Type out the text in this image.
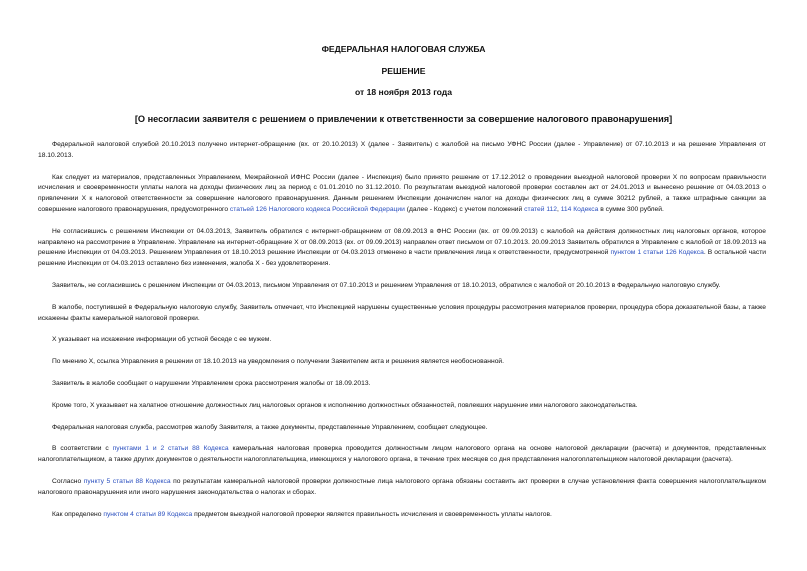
ФЕДЕРАЛЬНАЯ НАЛОГОВАЯ СЛУЖБА
РЕШЕНИЕ
от 18 ноября 2013 года
[О несогласии заявителя с решением о привлечении к ответственности за совершение налогового правонарушения]

Федеральной налоговой службой 20.10.2013 получено интернет-обращение (вх. от 20.10.2013) Х (далее - Заявитель) с жалобой на письмо УФНС России (далее - Управление) от 07.10.2013 и на решение Управления от 18.10.2013.

Как следует из материалов, представленных Управлением, Межрайонной ИФНС России (далее - Инспекция) было принято решение от 17.12.2012 о проведении выездной налоговой проверки Х по вопросам правильности исчисления и своевременности уплаты налога на доходы физических лиц за период с 01.01.2010 по 31.12.2010. По результатам выездной налоговой проверки составлен акт от 24.01.2013 и вынесено решение от 04.03.2013 о привлечении Х к налоговой ответственности за совершение налогового правонарушения. Данным решением Инспекции доначислен налог на доходы физических лиц в сумме 30212 рублей, а также штрафные санкции за совершение налогового правонарушения, предусмотренного статьей 126 Налогового кодекса Российской Федерации (далее - Кодекс) с учетом положений статей 112, 114 Кодекса в сумме 300 рублей.

Не согласившись с решением Инспекции от 04.03.2013, Заявитель обратился с интернет-обращением от 08.09.2013 в ФНС России (вх. от 09.09.2013) с жалобой на действия должностных лиц налоговых органов, которое направлено на рассмотрение в Управление. Управление на интернет-обращение Х от 08.09.2013 (вх. от 09.09.2013) направлен ответ письмом от 07.10.2013. 20.09.2013 Заявитель обратился в Управление с жалобой от 18.09.2013 на решение Инспекции от 04.03.2013. Решением Управления от 18.10.2013 решение Инспекции от 04.03.2013 отменено в части привлечения лица к ответственности, предусмотренной пунктом 1 статьи 126 Кодекса. В остальной части решение Инспекции от 04.03.2013 оставлено без изменения, жалоба Х - без удовлетворения.

Заявитель, не согласившись с решением Инспекции от 04.03.2013, письмом Управления от 07.10.2013 и решением Управления от 18.10.2013, обратился с жалобой от 20.10.2013 в Федеральную налоговую службу.

В жалобе, поступившей в Федеральную налоговую службу, Заявитель отмечает, что Инспекцией нарушены существенные условия процедуры рассмотрения материалов проверки, процедура сбора доказательной базы, а также искажены факты камеральной налоговой проверки.

Х указывает на искажение информации об устной беседе с ее мужем.

По мнению Х, ссылка Управления в решении от 18.10.2013 на уведомления о получении Заявителем акта и решения является необоснованной.

Заявитель в жалобе сообщает о нарушении Управлением срока рассмотрения жалобы от 18.09.2013.

Кроме того, Х указывает на халатное отношение должностных лиц налоговых органов к исполнению должностных обязанностей, повлекших нарушение ими налогового законодательства.

Федеральная налоговая служба, рассмотрев жалобу Заявителя, а также документы, представленные Управлением, сообщает следующее.

В соответствии с пунктами 1 и 2 статьи 88 Кодекса камеральная налоговая проверка проводится должностным лицом налогового органа на основе налоговой декларации (расчета) и документов, представленных налогоплательщиком, а также других документов о деятельности налогоплательщика, имеющихся у налогового органа, в течение трех месяцев со дня представления налогоплательщиком налоговой декларации (расчета).

Согласно пункту 5 статьи 88 Кодекса по результатам камеральной налоговой проверки должностные лица налогового органа обязаны составить акт проверки в случае установления факта совершения налогоплательщиком налогового правонарушения или иного нарушения законодательства о налогах и сборах.

Как определено пунктом 4 статьи 89 Кодекса предметом выездной налоговой проверки является правильность исчисления и своевременность уплаты налогов.
